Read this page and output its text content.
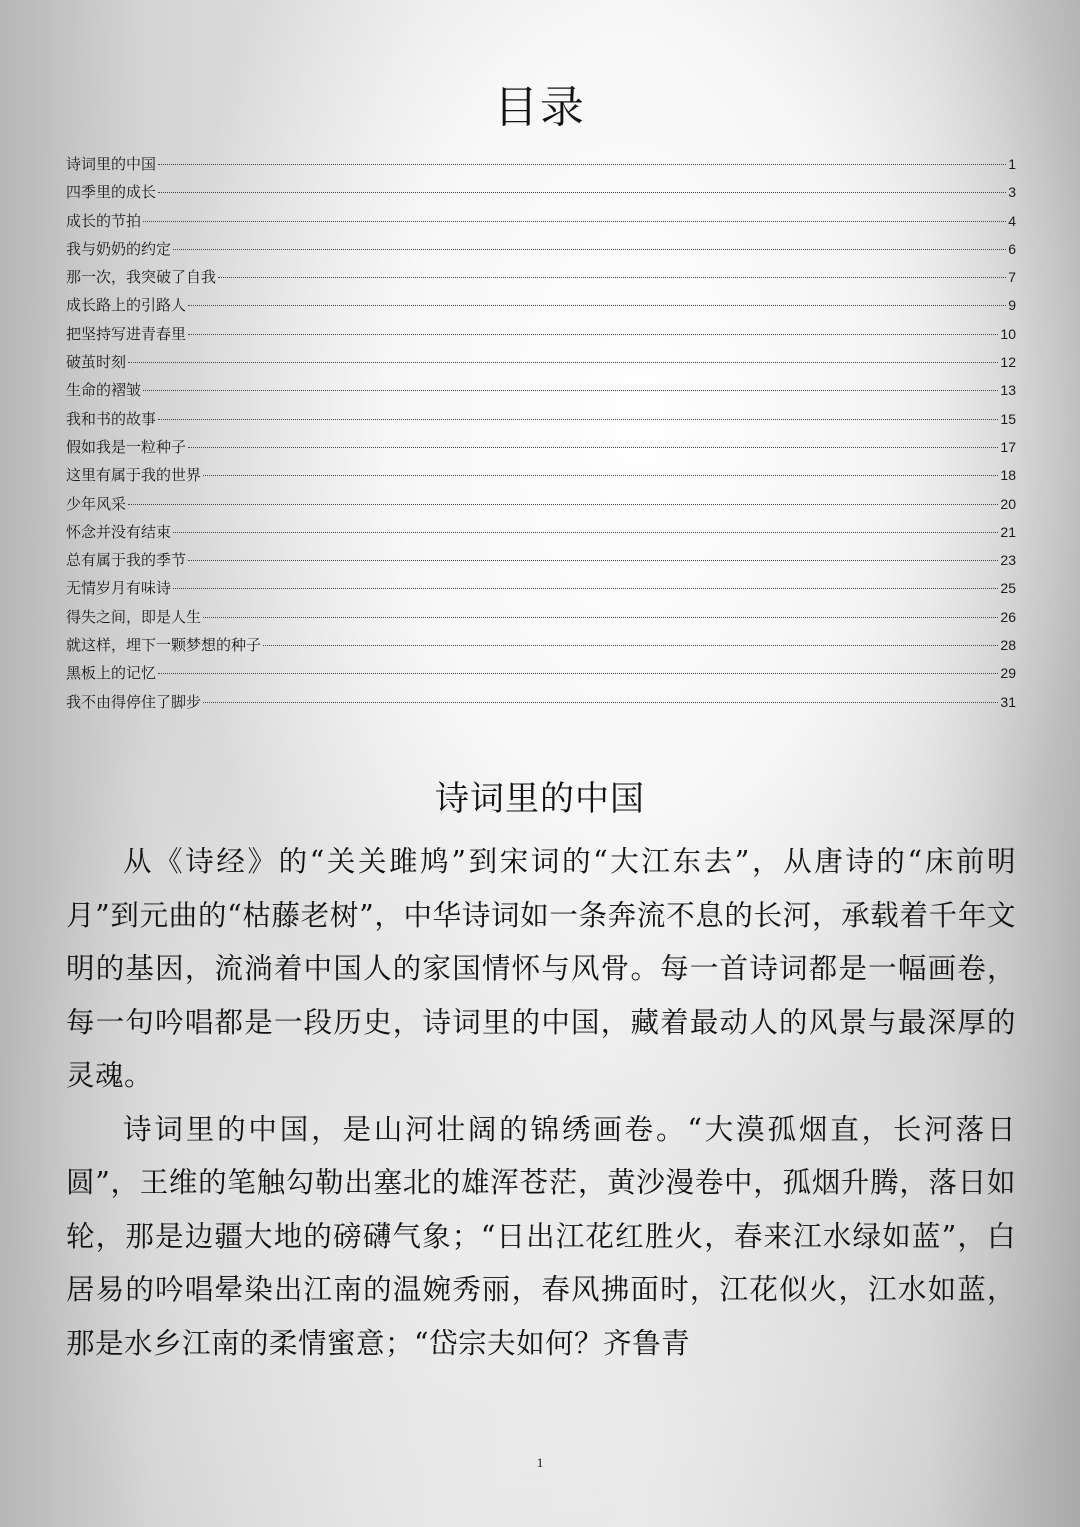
目录
诗词里的中国	1
四季里的成长	3
成长的节拍	4
我与奶奶的约定	6
那一次，我突破了自我	7
成长路上的引路人	9
把坚持写进青春里	10
破茧时刻	12
生命的褶皱	13
我和书的故事	15
假如我是一粒种子	17
这里有属于我的世界	18
少年风采	20
怀念并没有结束	21
总有属于我的季节	23
无情岁月有味诗	25
得失之间，即是人生	26
就这样，埋下一颗梦想的种子	28
黑板上的记忆	29
我不由得停住了脚步	31
诗词里的中国

从《诗经》的“关关雎鸠”到宋词的“大江东去”，从唐诗的“床前明月”到元曲的“枯藤老树”，中华诗词如一条奔流不息的长河，承载着千年文明的基因，流淌着中国人的家国情怀与风骨。每一首诗词都是一幅画卷，每一句吟唱都是一段历史，诗词里的中国，藏着最动人的风景与最深厚的灵魂。

诗词里的中国，是山河壮阔的锦绣画卷。“大漠孤烟直，长河落日圆”，王维的笔触勾勒出塞北的雄浑苍茫，黄沙漫卷中，孤烟升腾，落日如轮，那是边疆大地的磅礴气象；“日出江花红胜火，春来江水绿如蓝”，白居易的吟唱晕染出江南的温婉秀丽，春风拂面时，江花似火，江水如蓝，那是水乡江南的柔情蜜意；“岱宗夫如何？齐鲁青

1
